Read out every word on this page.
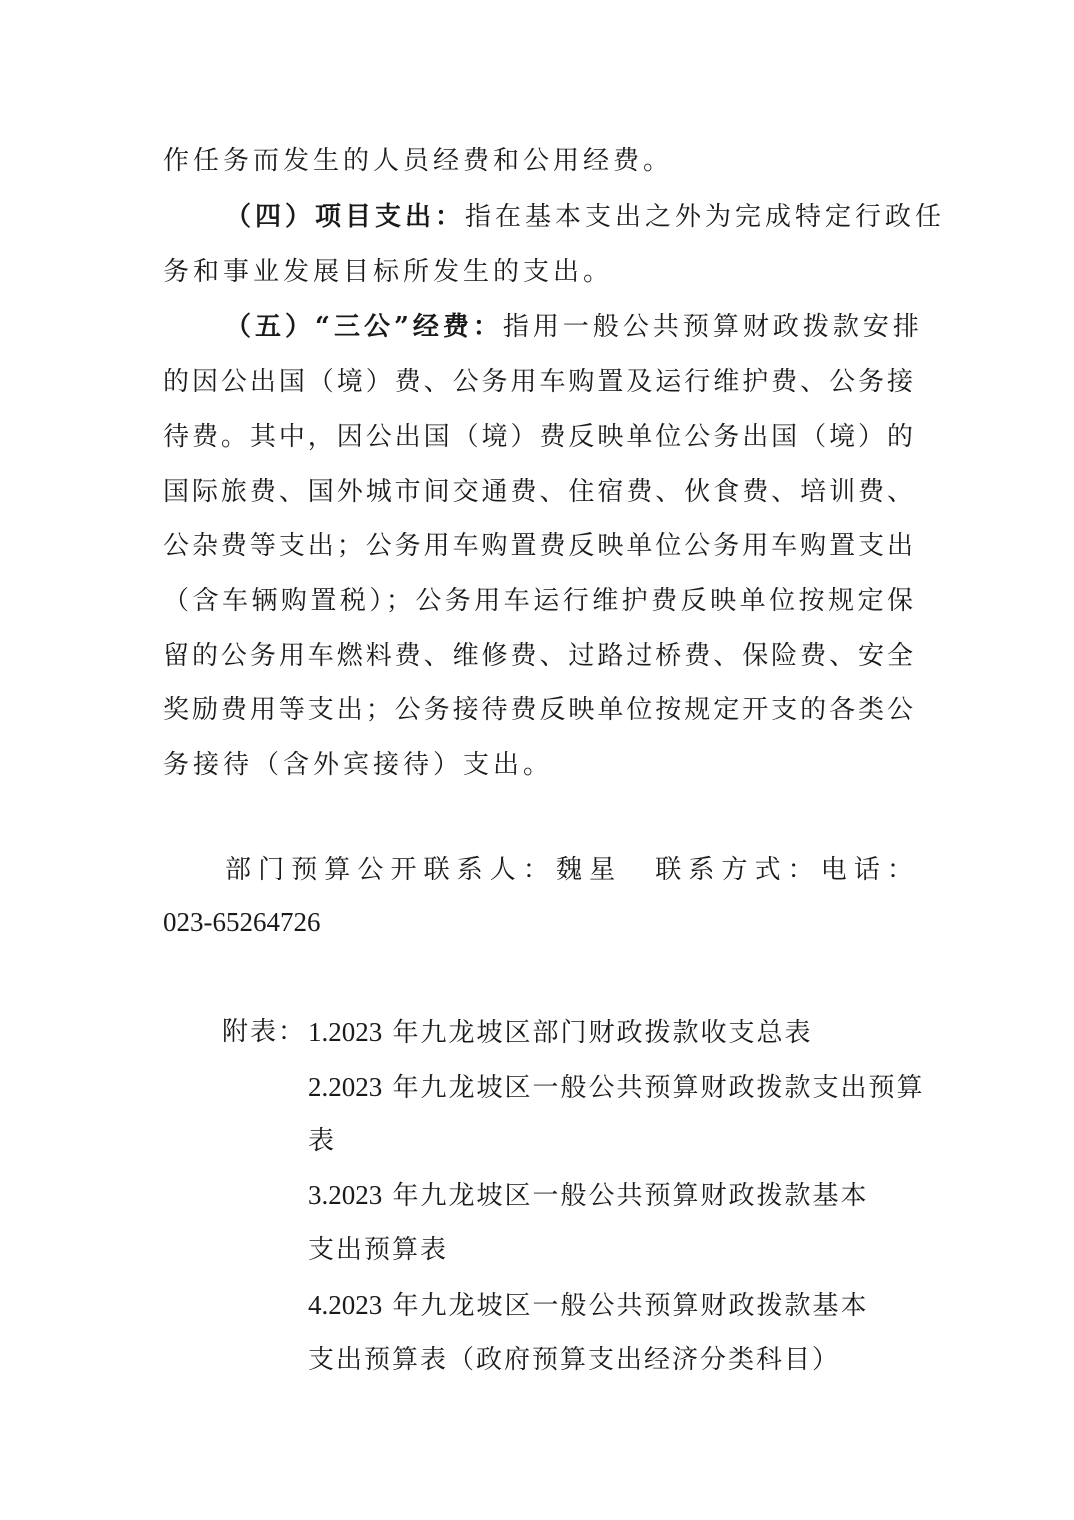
作任务而发生的人员经费和公用经费。
（四）项目支出：指在基本支出之外为完成特定行政任
务和事业发展目标所发生的支出。
（五）“三公”经费：指用一般公共预算财政拨款安排
的因公出国（境）费、公务用车购置及运行维护费、公务接
待费。其中，因公出国（境）费反映单位公务出国（境）的
国际旅费、国外城市间交通费、住宿费、伙食费、培训费、
公杂费等支出；公务用车购置费反映单位公务用车购置支出
（含车辆购置税）；公务用车运行维护费反映单位按规定保
留的公务用车燃料费、维修费、过路过桥费、保险费、安全
奖励费用等支出；公务接待费反映单位按规定开支的各类公
务接待（含外宾接待）支出。
部门预算公开联系人：魏星　联系方式：电话：
023-65264726
附表： 1.2023 年九龙坡区部门财政拨款收支总表
2.2023 年九龙坡区一般公共预算财政拨款支出预算
表
3.2023 年九龙坡区一般公共预算财政拨款基本
支出预算表
4.2023 年九龙坡区一般公共预算财政拨款基本
支出预算表（政府预算支出经济分类科目）
